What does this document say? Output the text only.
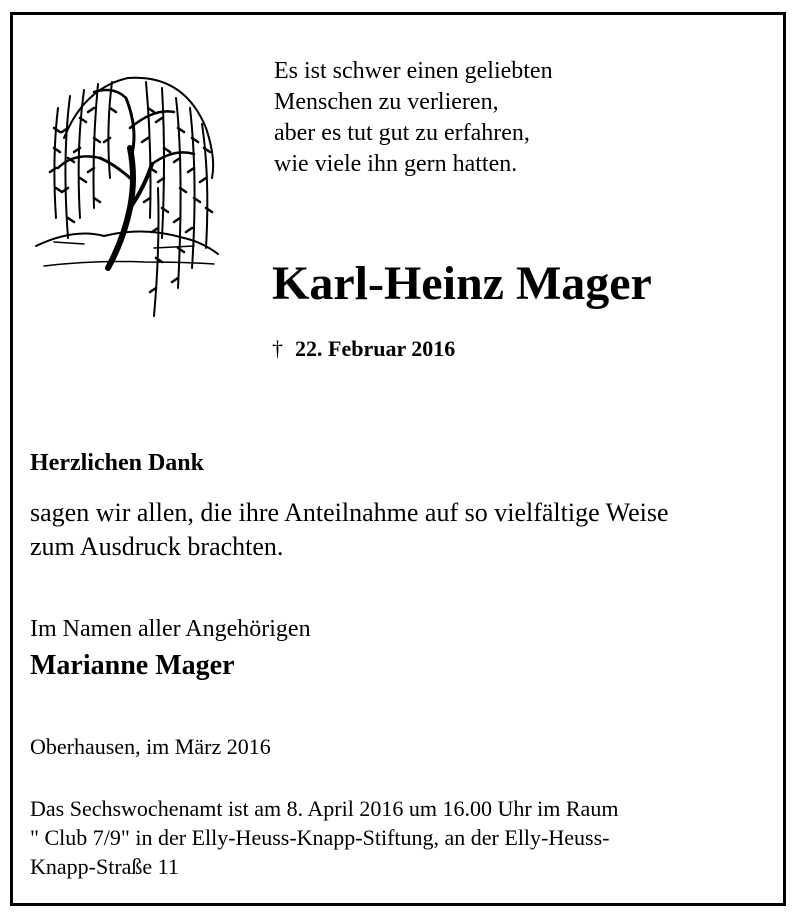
Es ist schwer einen geliebten
Menschen zu verlieren,
aber es tut gut zu erfahren,
wie viele ihn gern hatten.
Karl-Heinz Mager
† 22. Februar 2016
Herzlichen Dank
sagen wir allen, die ihre Anteilnahme auf so vielfältige Weise
zum Ausdruck brachten.
Im Namen aller Angehörigen
Marianne Mager
Oberhausen, im März 2016
Das Sechswochenamt ist am 8. April 2016 um 16.00 Uhr im Raum
" Club 7/9" in der Elly-Heuss-Knapp-Stiftung, an der Elly-Heuss-
Knapp-Straße 11
